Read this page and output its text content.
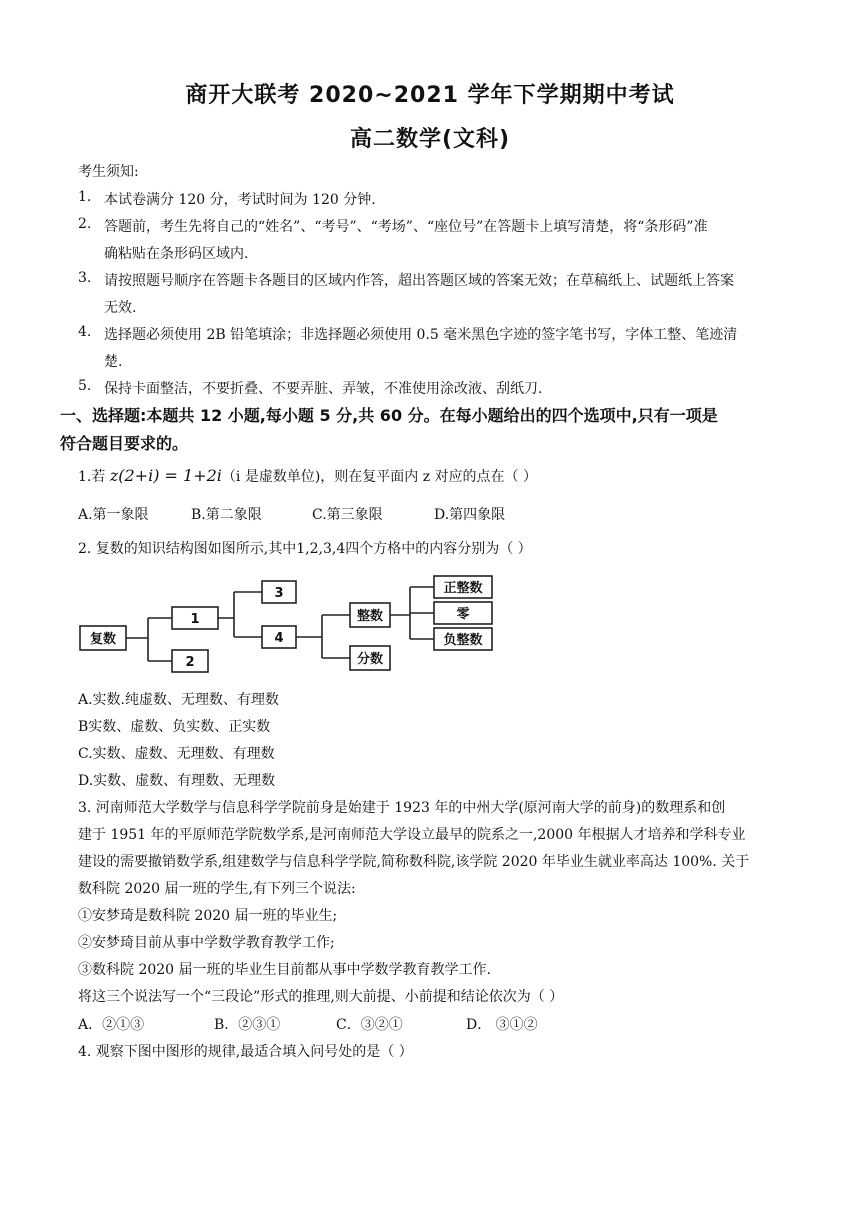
商开大联考 2020~2021 学年下学期期中考试
高二数学(文科)
考生须知:
1. 本试卷满分 120 分，考试时间为 120 分钟.
2. 答题前，考生先将自己的“姓名”、“考号”、“考场”、“座位号”在答题卡上填写清楚，将“条形码”准
确粘贴在条形码区域内.
3. 请按照题号顺序在答题卡各题目的区域内作答，超出答题区域的答案无效；在草稿纸上、试题纸上答案
无效.
4. 选择题必须使用 2B 铅笔填涂；非选择题必须使用 0.5 毫米黑色字迹的签字笔书写，字体工整、笔迹清
楚.
5. 保持卡面整洁，不要折叠、不要弄脏、弄皱，不准使用涂改液、刮纸刀.
一、选择题:本题共 12 小题,每小题 5 分,共 60 分。在每小题给出的四个选项中,只有一项是
符合题目要求的。
1.若 z(2+i) = 1+2i（i 是虚数单位)，则在复平面内 z 对应的点在（ ）
A.第一象限	B.第二象限	C.第三象限	D.第四象限
2. 复数的知识结构图如图所示,其中1,2,3,4四个方格中的内容分别为（ ）
复数
1
2
3
4
整数
分数
正整数
零
负整数
A.实数.纯虚数、无理数、有理数
B实数、虚数、负实数、正实数
C.实数、虚数、无理数、有理数
D.实数、虚数、有理数、无理数
3. 河南师范大学数学与信息科学学院前身是始建于 1923 年的中州大学(原河南大学的前身)的数理系和创
建于 1951 年的平原师范学院数学系,是河南师范大学设立最早的院系之一,2000 年根据人才培养和学科专业
建设的需要撤销数学系,组建数学与信息科学学院,简称数科院,该学院 2020 年毕业生就业率高达 100%. 关于
数科院 2020 届一班的学生,有下列三个说法:
①安梦琦是数科院 2020 届一班的毕业生;
②安梦琦目前从事中学数学教育教学工作;
③数科院 2020 届一班的毕业生目前都从事中学数学教育教学工作.
将这三个说法写一个“三段论”形式的推理,则大前提、小前提和结论依次为（ ）
A．②①③	B．②③①	C．③②①	D． ③①②
4. 观察下图中图形的规律,最适合填入问号处的是（ ）
